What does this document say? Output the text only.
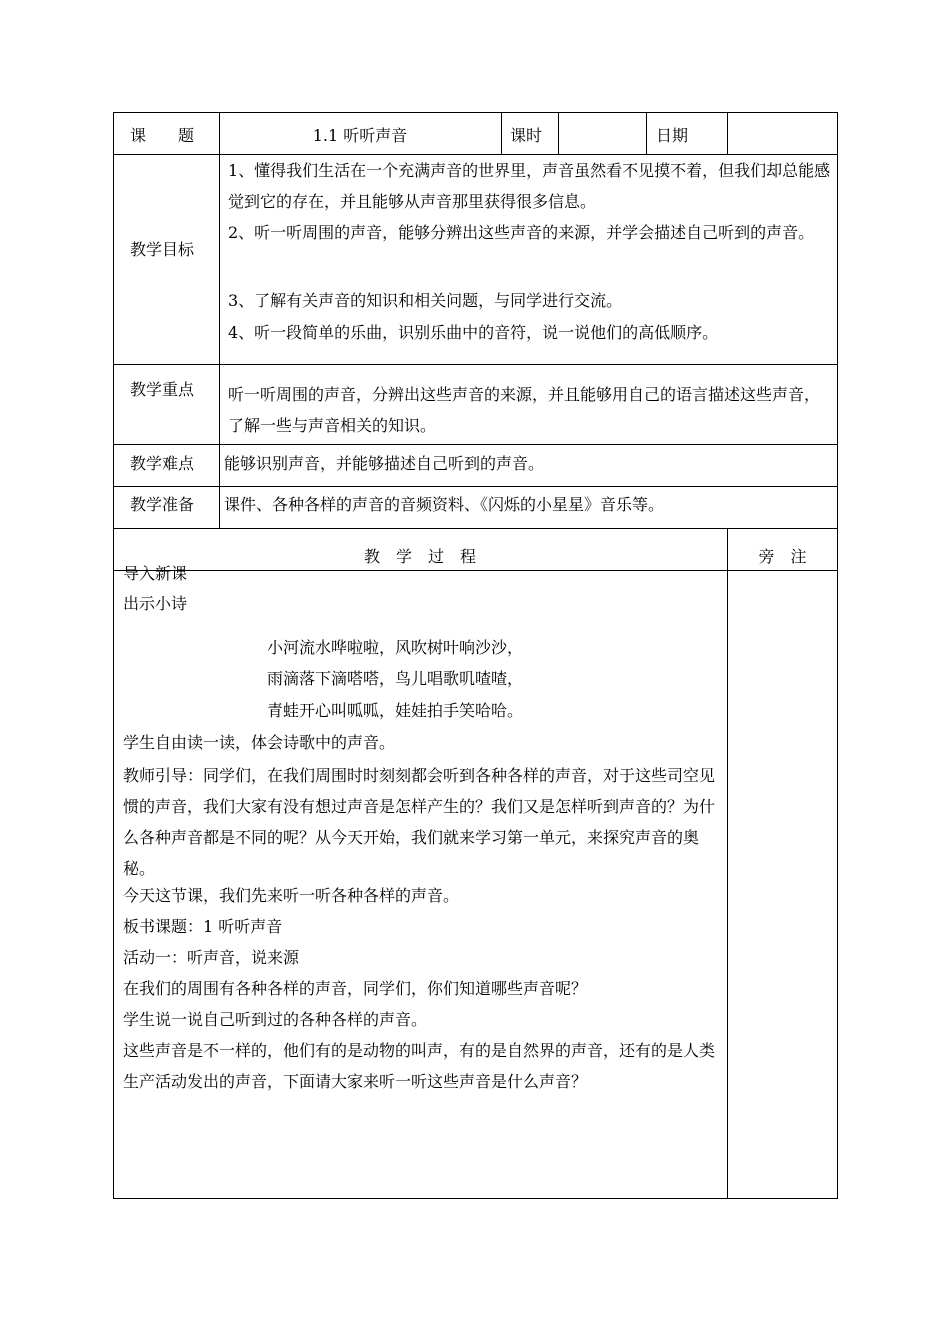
课　　题	1.1 听听声音	课时	日期
教学目标
1、懂得我们生活在一个充满声音的世界里，声音虽然看不见摸不着，但我们却总能感觉到它的存在，并且能够从声音那里获得很多信息。
2、听一听周围的声音，能够分辨出这些声音的来源，并学会描述自己听到的声音。
3、了解有关声音的知识和相关问题，与同学进行交流。
4、听一段简单的乐曲，识别乐曲中的音符，说一说他们的高低顺序。
教学重点 听一听周围的声音，分辨出这些声音的来源，并且能够用自己的语言描述这些声音，了解一些与声音相关的知识。
教学难点 能够识别声音，并能够描述自己听到的声音。
教学准备 课件、各种各样的声音的音频资料、《闪烁的小星星》音乐等。
教　学　过　程	旁　注
导入新课
出示小诗
小河流水哗啦啦，风吹树叶响沙沙，
雨滴落下滴嗒嗒，鸟儿唱歌叽喳喳，
青蛙开心叫呱呱，娃娃拍手笑哈哈。
学生自由读一读，体会诗歌中的声音。
教师引导：同学们，在我们周围时时刻刻都会听到各种各样的声音，对于这些司空见惯的声音，我们大家有没有想过声音是怎样产生的？我们又是怎样听到声音的？为什么各种声音都是不同的呢？从今天开始，我们就来学习第一单元，来探究声音的奥秘。
今天这节课，我们先来听一听各种各样的声音。
板书课题：1 听听声音
活动一：听声音，说来源
在我们的周围有各种各样的声音，同学们，你们知道哪些声音呢？
学生说一说自己听到过的各种各样的声音。
这些声音是不一样的，他们有的是动物的叫声，有的是自然界的声音，还有的是人类生产活动发出的声音，下面请大家来听一听这些声音是什么声音？
